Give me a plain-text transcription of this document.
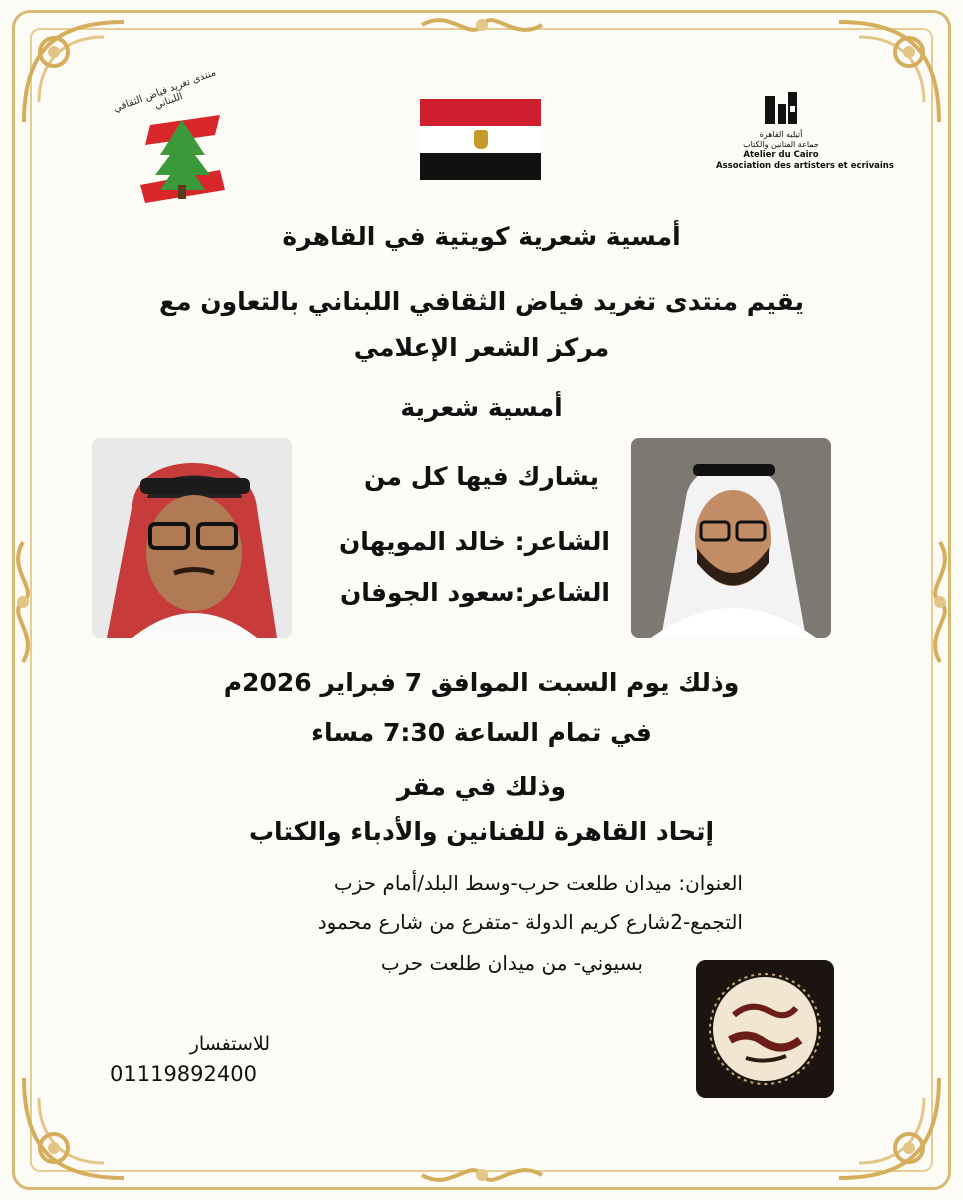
منتدى تغريد فياض الثقافي اللبناني
أتيليه القاهرة
جماعة الفنانين والكتاب
Atelier du Cairo
Association des artisters et ecrivains
أمسية شعرية كويتية في القاهرة
يقيم منتدى تغريد فياض الثقافي اللبناني بالتعاون مع
مركز الشعر الإعلامي
أمسية شعرية
يشارك فيها كل من
الشاعر: خالد المويهان
الشاعر:سعود الجوفان
وذلك يوم السبت الموافق 7 فبراير 2026م
في تمام الساعة 7:30 مساء
وذلك في مقر
إتحاد القاهرة للفنانين والأدباء والكتاب
العنوان: ميدان طلعت حرب-وسط البلد/أمام حزب
التجمع-2شارع كريم الدولة -متفرع من شارع محمود
بسيوني- من ميدان طلعت حرب
للاستفسار
01119892400
